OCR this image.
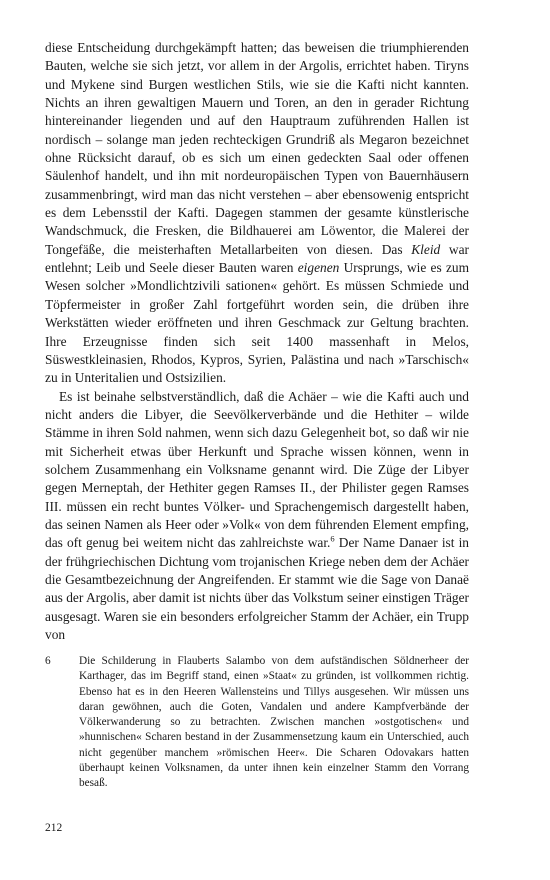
diese Entscheidung durchgekämpft hatten; das beweisen die triumphierenden Bauten, welche sie sich jetzt, vor allem in der Argolis, errichtet haben. Tiryns und Mykene sind Burgen westlichen Stils, wie sie die Kafti nicht kannten. Nichts an ihren gewaltigen Mauern und Toren, an den in gerader Richtung hintereinander liegenden und auf den Hauptraum zuführenden Hallen ist nordisch – solange man jeden rechteckigen Grundriß als Megaron bezeichnet ohne Rücksicht darauf, ob es sich um einen gedeckten Saal oder offenen Säulenhof handelt, und ihn mit nordeuropäischen Typen von Bauernhäusern zusammenbringt, wird man das nicht verstehen – aber ebensowenig entspricht es dem Lebensstil der Kafti. Dagegen stammen der gesamte künstlerische Wandschmuck, die Fresken, die Bildhauerei am Löwentor, die Malerei der Tongefäße, die meisterhaften Metallarbeiten von diesen. Das Kleid war entlehnt; Leib und Seele dieser Bauten waren eigenen Ursprungs, wie es zum Wesen solcher »Mondlichtzivili sationen« gehört. Es müssen Schmiede und Töpfermeister in großer Zahl fortgeführt worden sein, die drüben ihre Werkstätten wieder eröffneten und ihren Geschmack zur Geltung brachten. Ihre Erzeugnisse finden sich seit 1400 massenhaft in Melos, Süswestkleinasien, Rhodos, Kypros, Syrien, Palästina und nach »Tarschisch« zu in Unteritalien und Ostsizilien.

Es ist beinahe selbstverständlich, daß die Achäer – wie die Kafti auch und nicht anders die Libyer, die Seevölkerverbände und die Hethiter – wilde Stämme in ihren Sold nahmen, wenn sich dazu Gelegenheit bot, so daß wir nie mit Sicherheit etwas über Herkunft und Sprache wissen können, wenn in solchem Zusammenhang ein Volksname genannt wird. Die Züge der Libyer gegen Merneptah, der Hethiter gegen Ramses II., der Philister gegen Ramses III. müssen ein recht buntes Völker- und Sprachengemisch dargestellt haben, das seinen Namen als Heer oder »Volk« von dem führenden Element empfing, das oft genug bei weitem nicht das zahlreichste war.$^6$ Der Name Danaer ist in der frühgriechischen Dichtung vom trojanischen Kriege neben dem der Achäer die Gesamtbezeichnung der Angreifenden. Er stammt wie die Sage von Danaë aus der Argolis, aber damit ist nichts über das Volkstum seiner einstigen Träger ausgesagt. Waren sie ein besonders erfolgreicher Stamm der Achäer, ein Trupp von

6	Die Schilderung in Flauberts Salambo von dem aufständischen Söldnerheer der Karthager, das im Begriff stand, einen »Staat« zu gründen, ist vollkommen richtig. Ebenso hat es in den Heeren Wallensteins und Tillys ausgesehen. Wir müssen uns daran gewöhnen, auch die Goten, Vandalen und andere Kampfverbände der Völkerwanderung so zu betrachten. Zwischen manchen »ostgotischen« und »hunnischen« Scharen bestand in der Zusammensetzung kaum ein Unterschied, auch nicht gegenüber manchem »römischen Heer«. Die Scharen Odovakars hatten überhaupt keinen Volksnamen, da unter ihnen kein einzelner Stamm den Vorrang besaß.
212
